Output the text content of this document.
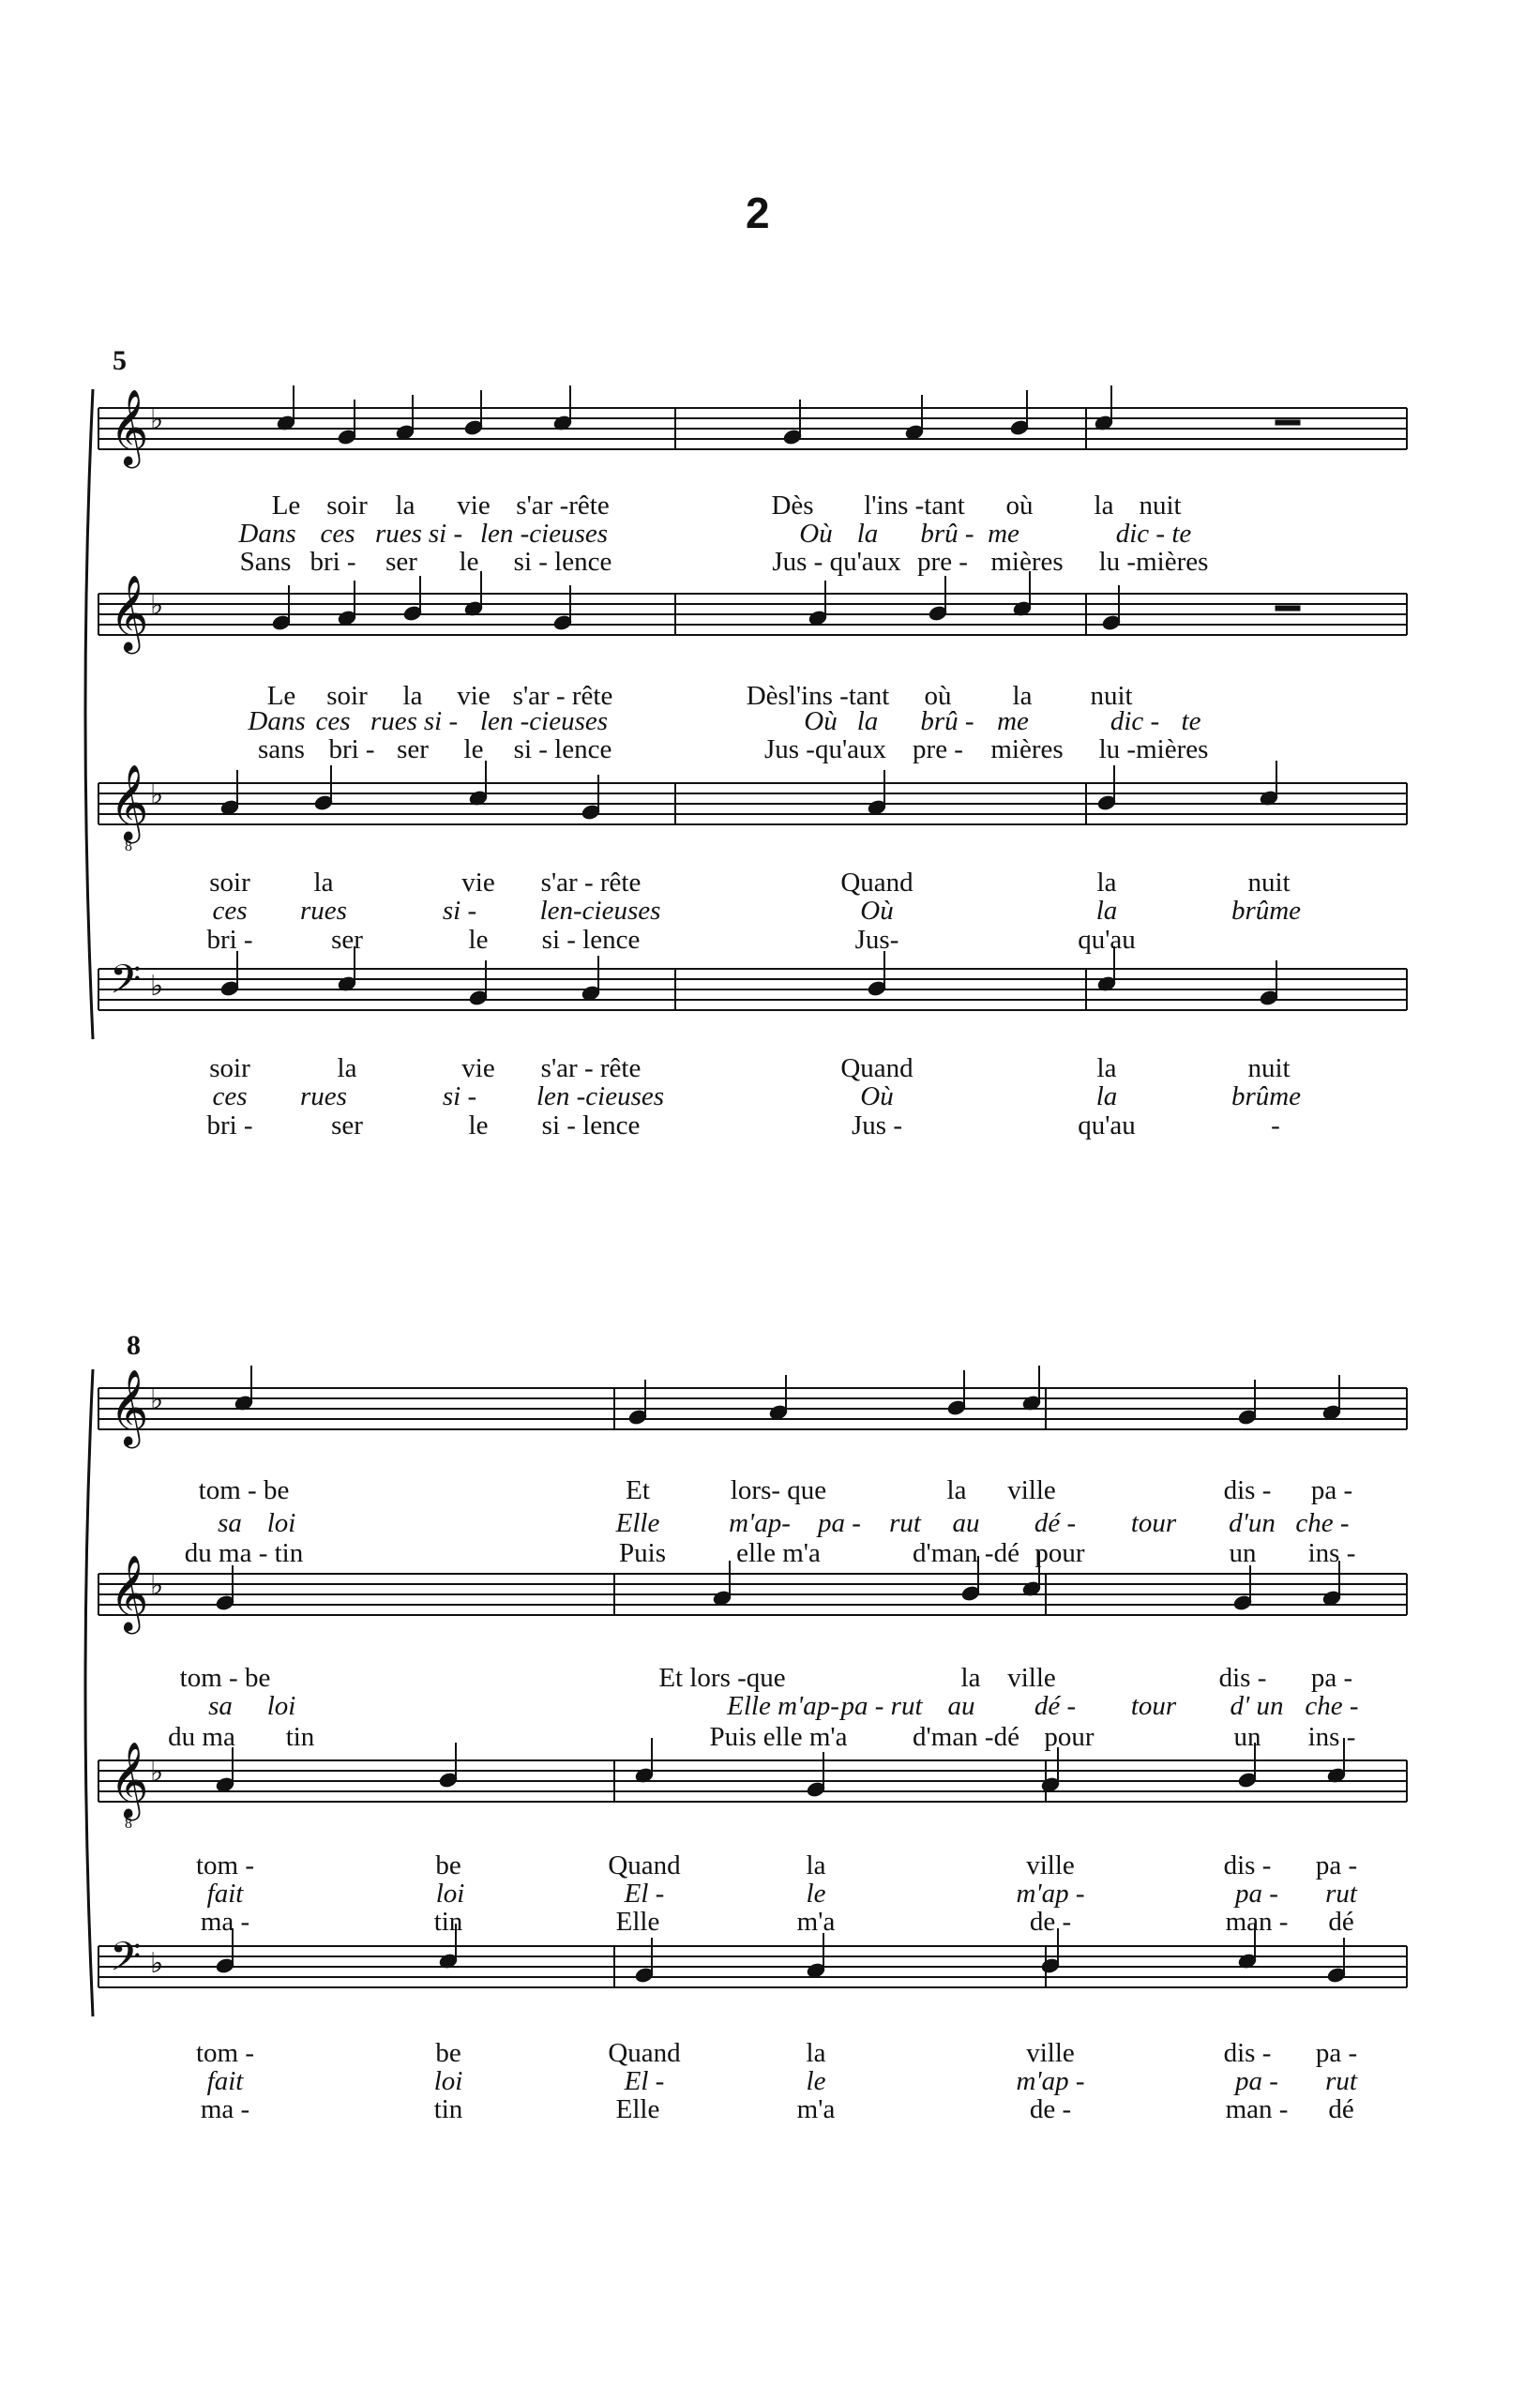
2
5
8
𝄞 ♭
𝄞 ♭
𝄞
8
♭
𝄢 ♭
𝄞 ♭
𝄞 ♭
𝄞
8
♭
𝄢 ♭
Le soir la vie s'ar -rête	Dès l'ins -tant où la nuit
Dans ces rues si - len -cieuses	Où la brû - me	dic - te
Sans bri - ser le si - lence	Jus - qu'aux pre - mières lu -mières
Le soir la vie s'ar - rête	Dèsl'ins -tant où la nuit
Dans ces rues si - len -cieuses	Où la brû - me	dic - te
sans bri - ser le si - lence	Jus -qu'aux pre - mières lu -mières
soir la	vie s'ar - rête	Quand	la	nuit
ces rues	si - len-cieuses	Où	la	brûme
bri -	ser	le si - lence	Jus-	qu'au
soir	la	vie s'ar - rête	Quand	la	nuit
ces rues	si - len -cieuses	Où	la	brûme
bri -	ser	le si - lence	Jus -	qu'au	-
tom - be	Et	lors- que	la ville	dis - pa -
sa loi	Elle	m'ap- pa - rut au dé - tour d'un che -
du ma - tin	Puis	elle m'a	d'man -dé pour	un ins -
tom - be	Et lors -que	la ville	dis - pa -
sa loi	Elle m'ap- pa - rut au dé - tour d' un che -
du ma tin	Puis elle m'a d'man -dé pour	un ins -
tom -	be	Quand	la	ville	dis - pa -
fait	loi	El -	le	m'ap -	pa - rut
ma -	tin	Elle	m'a	de -	man - dé
tom -	be	Quand	la	ville	dis - pa -
fait	loi	El -	le	m'ap -	pa - rut
ma -	tin	Elle	m'a	de -	man - dé
